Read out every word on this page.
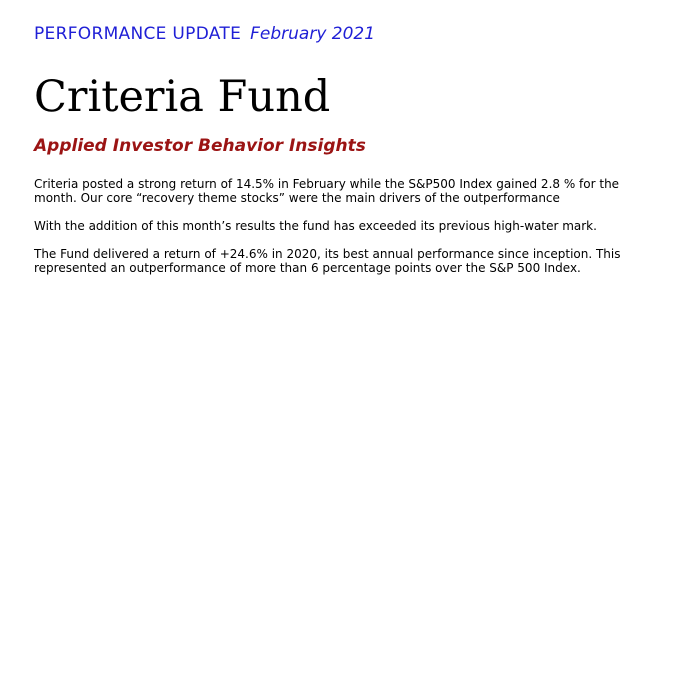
PERFORMANCE UPDATE February 2021
Criteria Fund
Applied Investor Behavior Insights

Criteria posted a strong return of 14.5% in February while the S&P500 Index gained 2.8 % for the month. Our core “recovery theme stocks” were the main drivers of the outperformance

With the addition of this month’s results the fund has exceeded its previous high-water mark.

The Fund delivered a return of +24.6% in 2020, its best annual performance since inception. This represented an outperformance of more than 6 percentage points over the S&P 500 Index.
